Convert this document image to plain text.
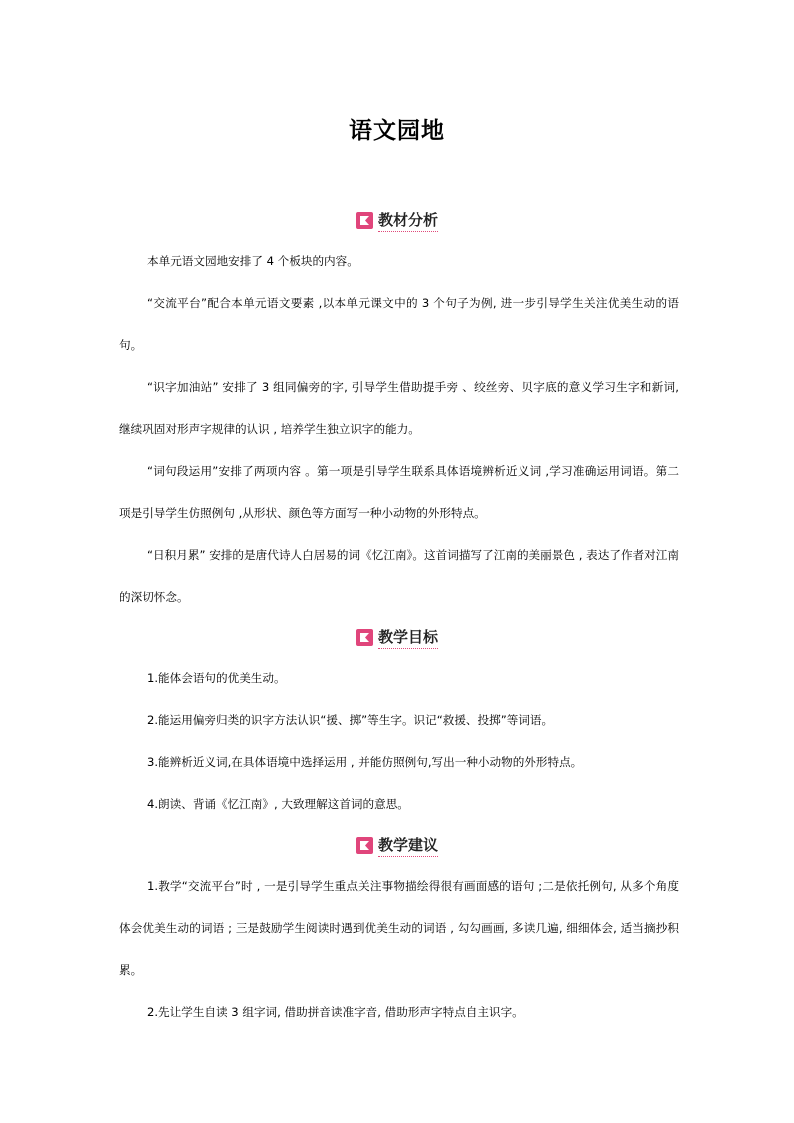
语文园地
教材分析

本单元语文园地安排了 4 个板块的内容。

“交流平台”配合本单元语文要素 ,以本单元课文中的 3 个句子为例, 进一步引导学生关注优美生动的语句。

“识字加油站” 安排了 3 组同偏旁的字, 引导学生借助提手旁 、绞丝旁、贝字底的意义学习生字和新词, 继续巩固对形声字规律的认识 , 培养学生独立识字的能力。

“词句段运用”安排了两项内容 。第一项是引导学生联系具体语境辨析近义词 ,学习准确运用词语。第二项是引导学生仿照例句 ,从形状、颜色等方面写一种小动物的外形特点。

“日积月累” 安排的是唐代诗人白居易的词《忆江南》。这首词描写了江南的美丽景色 , 表达了作者对江南的深切怀念。

教学目标

1.能体会语句的优美生动。

2.能运用偏旁归类的识字方法认识“援、掷”等生字。识记“救援、投掷”等词语。

3.能辨析近义词,在具体语境中选择运用 , 并能仿照例句,写出一种小动物的外形特点。

4.朗读、背诵《忆江南》, 大致理解这首词的意思。

教学建议

1.教学“交流平台”时 , 一是引导学生重点关注事物描绘得很有画面感的语句 ;二是依托例句, 从多个角度体会优美生动的词语 ; 三是鼓励学生阅读时遇到优美生动的词语 , 勾勾画画, 多读几遍, 细细体会, 适当摘抄积累。

2.先让学生自读 3 组字词, 借助拼音读准字音, 借助形声字特点自主识字。
